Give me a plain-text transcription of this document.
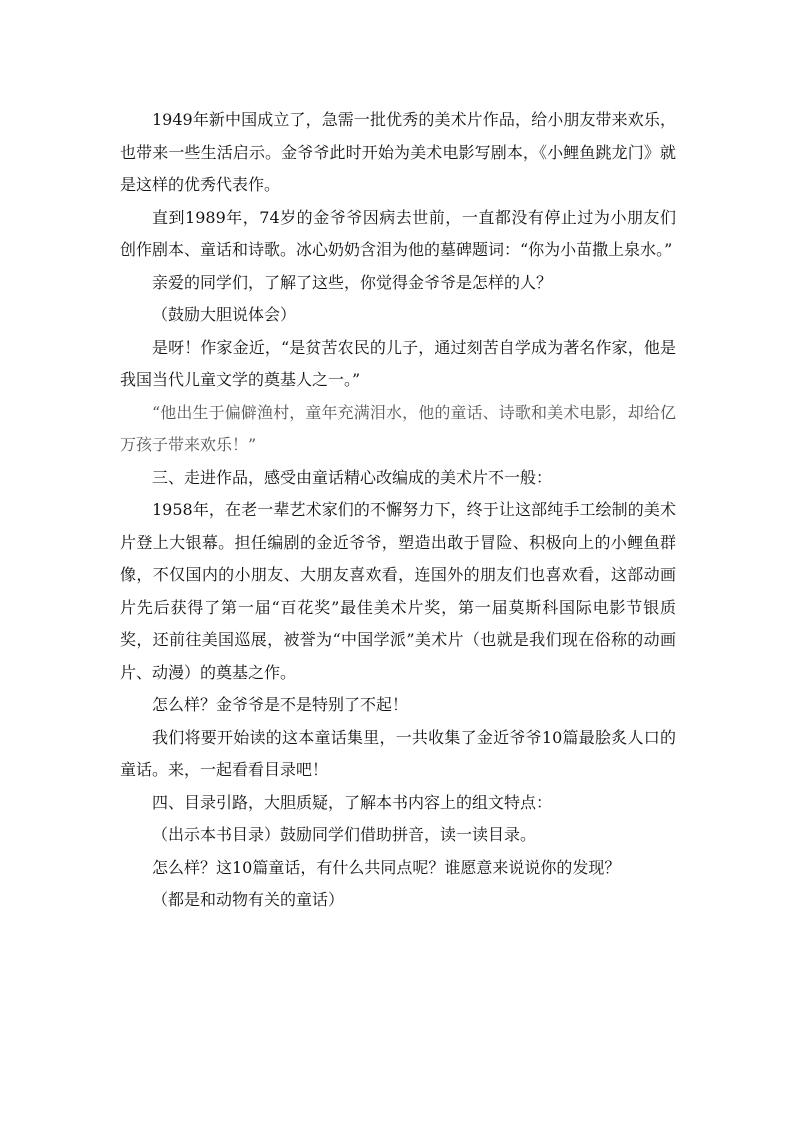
1949年新中国成立了，急需一批优秀的美术片作品，给小朋友带来欢乐，也带来一些生活启示。金爷爷此时开始为美术电影写剧本，《小鲤鱼跳龙门》就是这样的优秀代表作。

直到1989年，74岁的金爷爷因病去世前，一直都没有停止过为小朋友们创作剧本、童话和诗歌。冰心奶奶含泪为他的墓碑题词：“你为小苗撒上泉水。”

亲爱的同学们，了解了这些，你觉得金爷爷是怎样的人？

（鼓励大胆说体会）

是呀！作家金近，“是贫苦农民的儿子，通过刻苦自学成为著名作家，他是我国当代儿童文学的奠基人之一。”

“他出生于偏僻渔村，童年充满泪水，他的童话、诗歌和美术电影，却给亿万孩子带来欢乐！”

三、走进作品，感受由童话精心改编成的美术片不一般：

1958年，在老一辈艺术家们的不懈努力下，终于让这部纯手工绘制的美术片登上大银幕。担任编剧的金近爷爷，塑造出敢于冒险、积极向上的小鲤鱼群像，不仅国内的小朋友、大朋友喜欢看，连国外的朋友们也喜欢看，这部动画片先后获得了第一届“百花奖”最佳美术片奖，第一届莫斯科国际电影节银质奖，还前往美国巡展，被誉为“中国学派”美术片（也就是我们现在俗称的动画片、动漫）的奠基之作。

怎么样？金爷爷是不是特别了不起！

我们将要开始读的这本童话集里，一共收集了金近爷爷10篇最脍炙人口的童话。来，一起看看目录吧！

四、目录引路，大胆质疑，了解本书内容上的组文特点：

（出示本书目录）鼓励同学们借助拼音，读一读目录。

怎么样？这10篇童话，有什么共同点呢？谁愿意来说说你的发现？

（都是和动物有关的童话）
